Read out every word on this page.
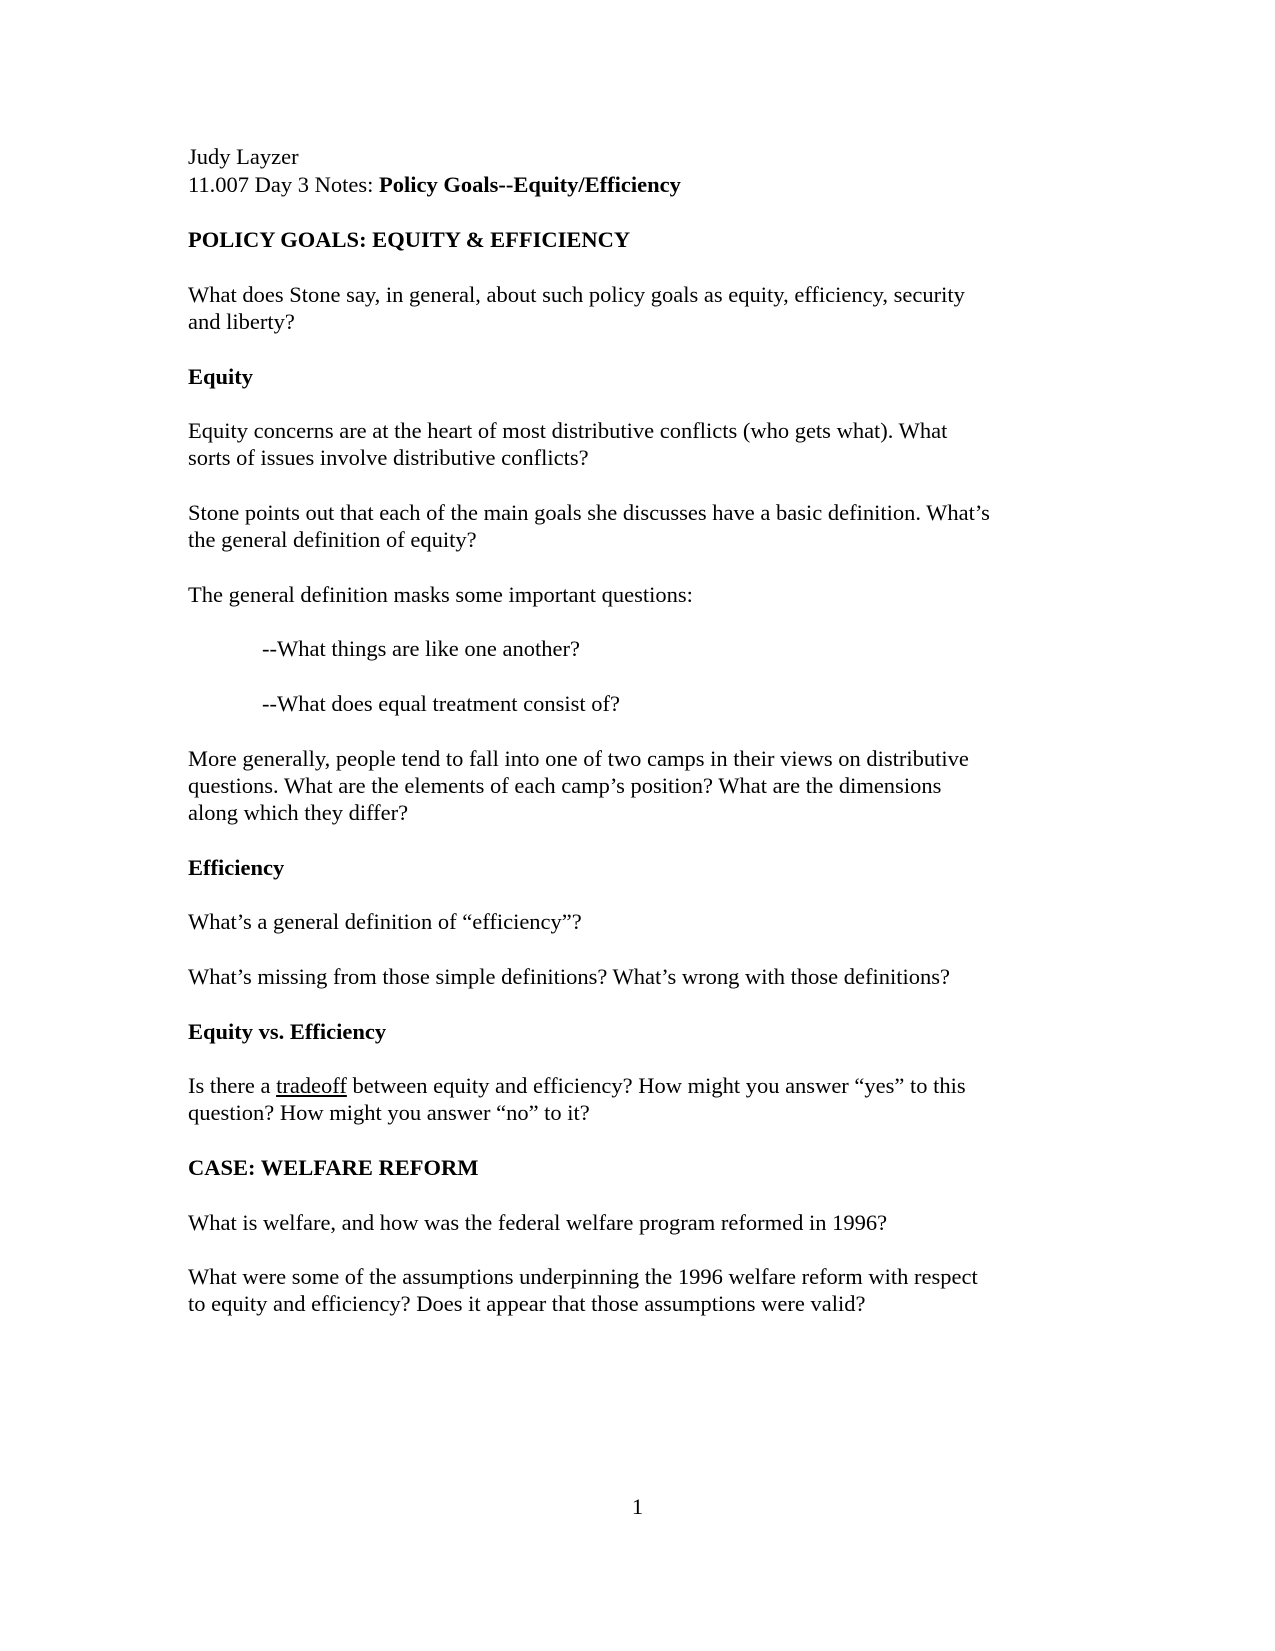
Judy Layzer

11.007 Day 3 Notes: Policy Goals--Equity/Efficiency

POLICY GOALS: EQUITY & EFFICIENCY

What does Stone say, in general, about such policy goals as equity, efficiency, security

and liberty?

Equity

Equity concerns are at the heart of most distributive conflicts (who gets what). What

sorts of issues involve distributive conflicts?

Stone points out that each of the main goals she discusses have a basic definition. What’s

the general definition of equity?

The general definition masks some important questions:

--What things are like one another?

--What does equal treatment consist of?

More generally, people tend to fall into one of two camps in their views on distributive

questions. What are the elements of each camp’s position? What are the dimensions

along which they differ?

Efficiency

What’s a general definition of “efficiency”?

What’s missing from those simple definitions? What’s wrong with those definitions?

Equity vs. Efficiency

Is there a tradeoff between equity and efficiency? How might you answer “yes” to this

question? How might you answer “no” to it?

CASE: WELFARE REFORM

What is welfare, and how was the federal welfare program reformed in 1996?

What were some of the assumptions underpinning the 1996 welfare reform with respect

to equity and efficiency? Does it appear that those assumptions were valid?

1
